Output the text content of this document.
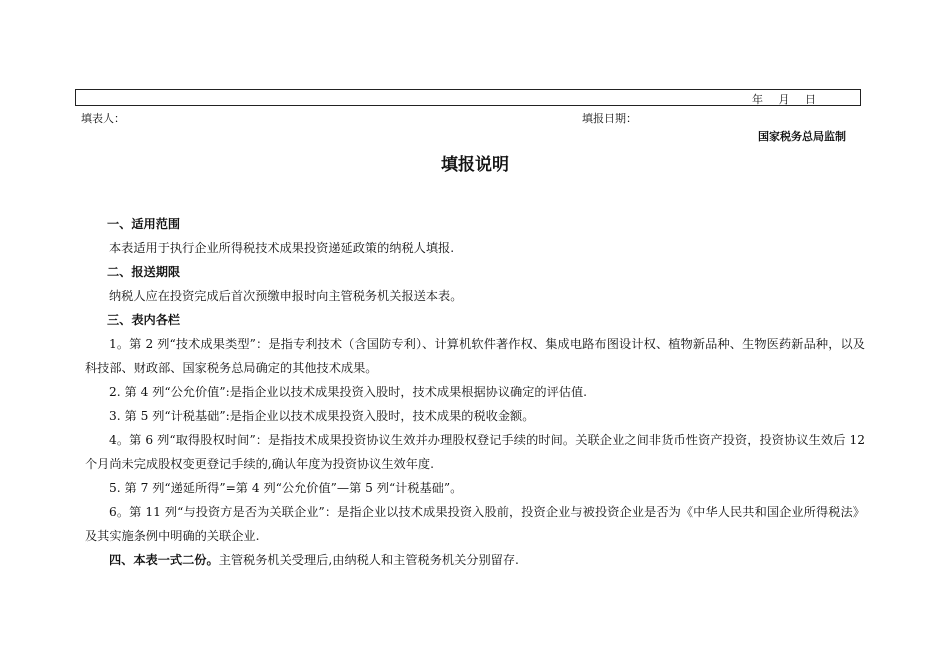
年 月 日
填表人：	填报日期：
国家税务总局监制
填报说明
一、适用范围

本表适用于执行企业所得税技术成果投资递延政策的纳税人填报.

二、报送期限

纳税人应在投资完成后首次预缴申报时向主管税务机关报送本表。

三、表内各栏

1。第 2 列“技术成果类型”：是指专利技术（含国防专利）、计算机软件著作权、集成电路布图设计权、植物新品种、生物医药新品种，以及科技部、财政部、国家税务总局确定的其他技术成果。

2. 第 4 列“公允价值”:是指企业以技术成果投资入股时，技术成果根据协议确定的评估值.

3. 第 5 列“计税基础”:是指企业以技术成果投资入股时，技术成果的税收金额。

4。第 6 列“取得股权时间”：是指技术成果投资协议生效并办理股权登记手续的时间。关联企业之间非货币性资产投资，投资协议生效后 12 个月尚未完成股权变更登记手续的,确认年度为投资协议生效年度.

5. 第 7 列“递延所得”=第 4 列“公允价值”—第 5 列“计税基础”。

6。第 11 列“与投资方是否为关联企业”：是指企业以技术成果投资入股前，投资企业与被投资企业是否为《中华人民共和国企业所得税法》及其实施条例中明确的关联企业.

四、本表一式二份。主管税务机关受理后,由纳税人和主管税务机关分别留存.
